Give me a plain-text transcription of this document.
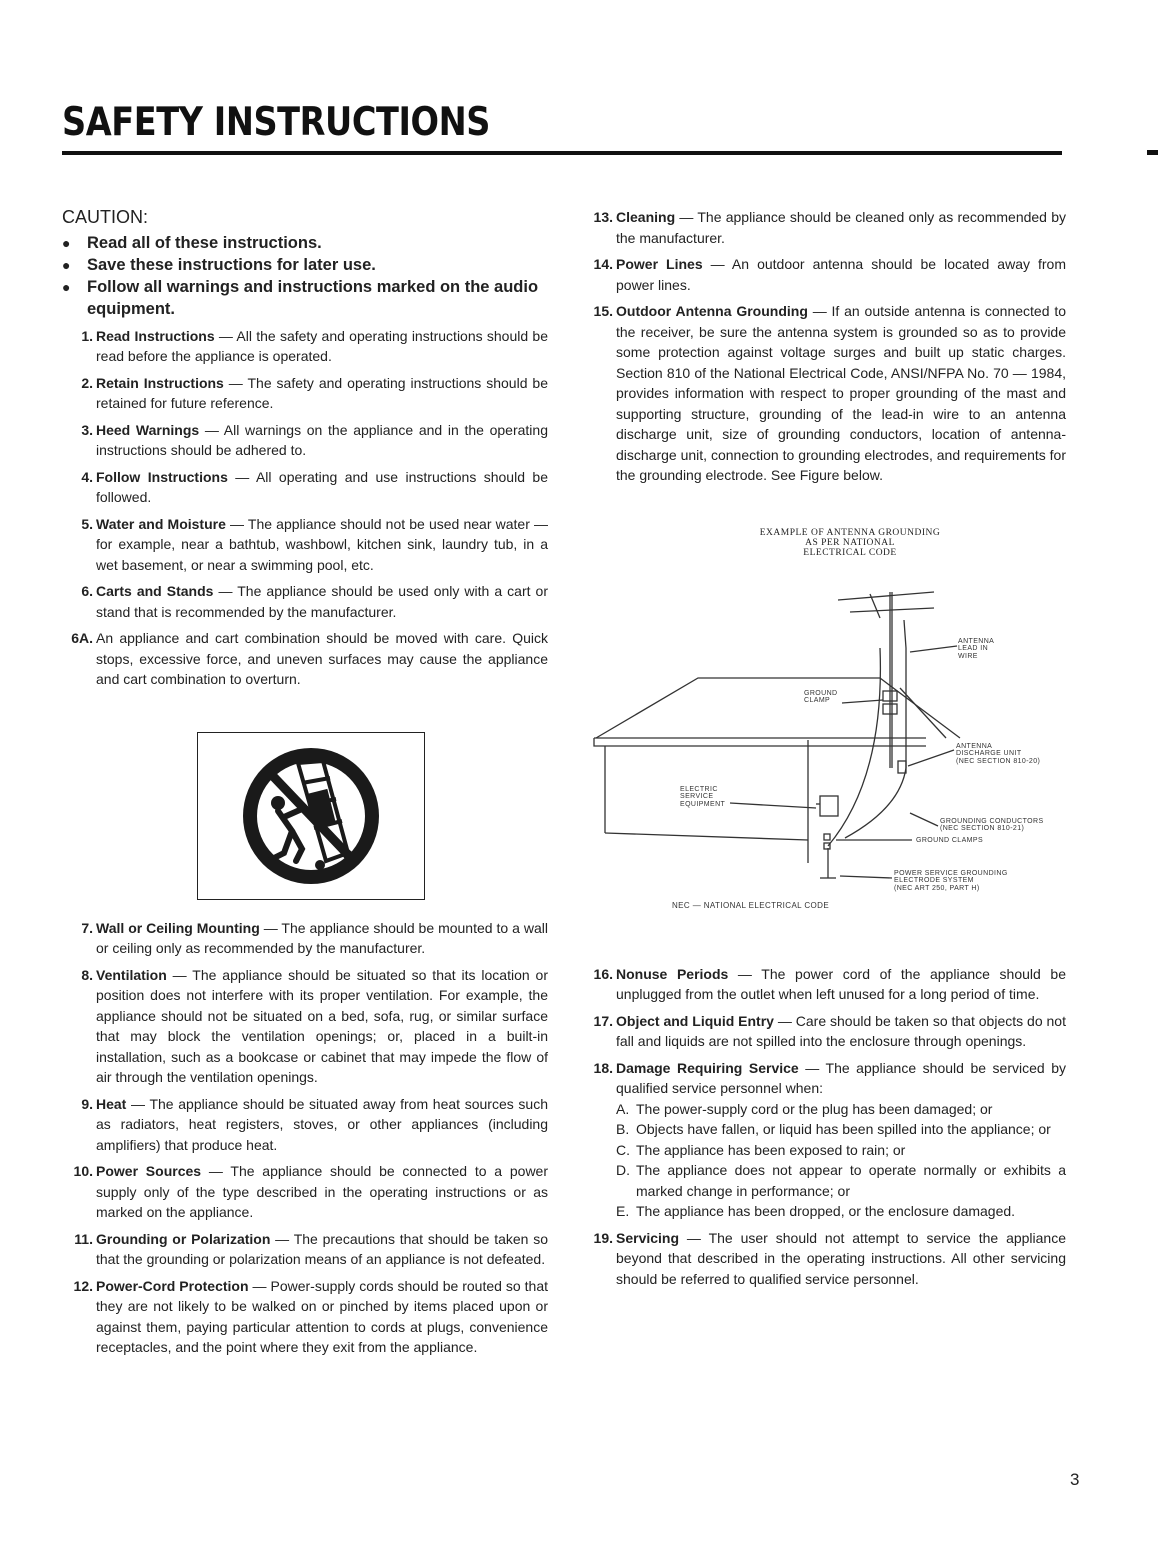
SAFETY INSTRUCTIONS
CAUTION:
●	Read all of these instructions.
●	Save these instructions for later use.
●	Follow all warnings and instructions marked on the audio equipment.
1. Read Instructions — All the safety and operating instructions should be read before the appliance is operated.
2. Retain Instructions — The safety and operating instructions should be retained for future reference.
3. Heed Warnings — All warnings on the appliance and in the operating instructions should be adhered to.
4. Follow Instructions — All operating and use instructions should be followed.
5. Water and Moisture — The appliance should not be used near water — for example, near a bathtub, washbowl, kitchen sink, laundry tub, in a wet basement, or near a swimming pool, etc.
6. Carts and Stands — The appliance should be used only with a cart or stand that is recommended by the manufacturer.
6A. An appliance and cart combination should be moved with care. Quick stops, excessive force, and uneven surfaces may cause the appliance and cart combination to overturn.
7. Wall or Ceiling Mounting — The appliance should be mounted to a wall or ceiling only as recommended by the manufacturer.
8. Ventilation — The appliance should be situated so that its location or position does not interfere with its proper ventilation. For example, the appliance should not be situated on a bed, sofa, rug, or similar surface that may block the ventilation openings; or, placed in a built-in installation, such as a bookcase or cabinet that may impede the flow of air through the ventilation openings.
9. Heat — The appliance should be situated away from heat sources such as radiators, heat registers, stoves, or other appliances (including amplifiers) that produce heat.
10. Power Sources — The appliance should be connected to a power supply only of the type described in the operating instructions or as marked on the appliance.
11. Grounding or Polarization — The precautions that should be taken so that the grounding or polarization means of an appliance is not defeated.
12. Power-Cord Protection — Power-supply cords should be routed so that they are not likely to be walked on or pinched by items placed upon or against them, paying particular attention to cords at plugs, convenience receptacles, and the point where they exit from the appliance.
13. Cleaning — The appliance should be cleaned only as recommended by the manufacturer.
14. Power Lines — An outdoor antenna should be located away from power lines.
15. Outdoor Antenna Grounding — If an outside antenna is connected to the receiver, be sure the antenna system is grounded so as to provide some protection against voltage surges and built up static charges. Section 810 of the National Electrical Code, ANSI/NFPA No. 70 — 1984, provides information with respect to proper grounding of the mast and supporting structure, grounding of the lead-in wire to an antenna discharge unit, size of grounding conductors, location of antenna-discharge unit, connection to grounding electrodes, and requirements for the grounding electrode. See Figure below.
EXAMPLE OF ANTENNA GROUNDING
AS PER NATIONAL
ELECTRICAL CODE
ANTENNA
LEAD IN
WIRE
GROUND
CLAMP
ANTENNA
DISCHARGE UNIT
(NEC SECTION 810-20)
ELECTRIC
SERVICE
EQUIPMENT
GROUNDING CONDUCTORS
(NEC SECTION 810-21)
GROUND CLAMPS
POWER SERVICE GROUNDING
ELECTRODE SYSTEM
(NEC ART 250, PART H)
NEC — NATIONAL ELECTRICAL CODE
16. Nonuse Periods — The power cord of the appliance should be unplugged from the outlet when left unused for a long period of time.
17. Object and Liquid Entry — Care should be taken so that objects do not fall and liquids are not spilled into the enclosure through openings.
18. Damage Requiring Service — The appliance should be serviced by qualified service personnel when:
A. The power-supply cord or the plug has been damaged; or
B. Objects have fallen, or liquid has been spilled into the appliance; or
C. The appliance has been exposed to rain; or
D. The appliance does not appear to operate normally or exhibits a marked change in performance; or
E. The appliance has been dropped, or the enclosure damaged.
19. Servicing — The user should not attempt to service the appliance beyond that described in the operating instructions. All other servicing should be referred to qualified service personnel.
3
